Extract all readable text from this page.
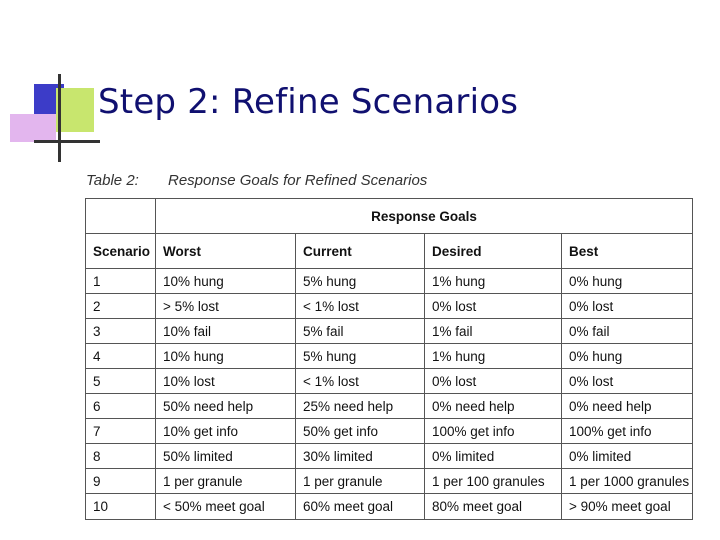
Step 2: Refine Scenarios
Table 2: Response Goals for Refined Scenarios
	Response Goals			
Scenario	Worst	Current	Desired	Best
1	10% hung	5% hung	1% hung	0% hung
2	> 5% lost	< 1% lost	0% lost	0% lost
3	10% fail	5% fail	1% fail	0% fail
4	10% hung	5% hung	1% hung	0% hung
5	10% lost	< 1% lost	0% lost	0% lost
6	50% need help	25% need help	0% need help	0% need help
7	10% get info	50% get info	100% get info	100% get info
8	50% limited	30% limited	0% limited	0% limited
9	1 per granule	1 per granule	1 per 100 granules	1 per 1000 granules
10	< 50% meet goal	60% meet goal	80% meet goal	> 90% meet goal
